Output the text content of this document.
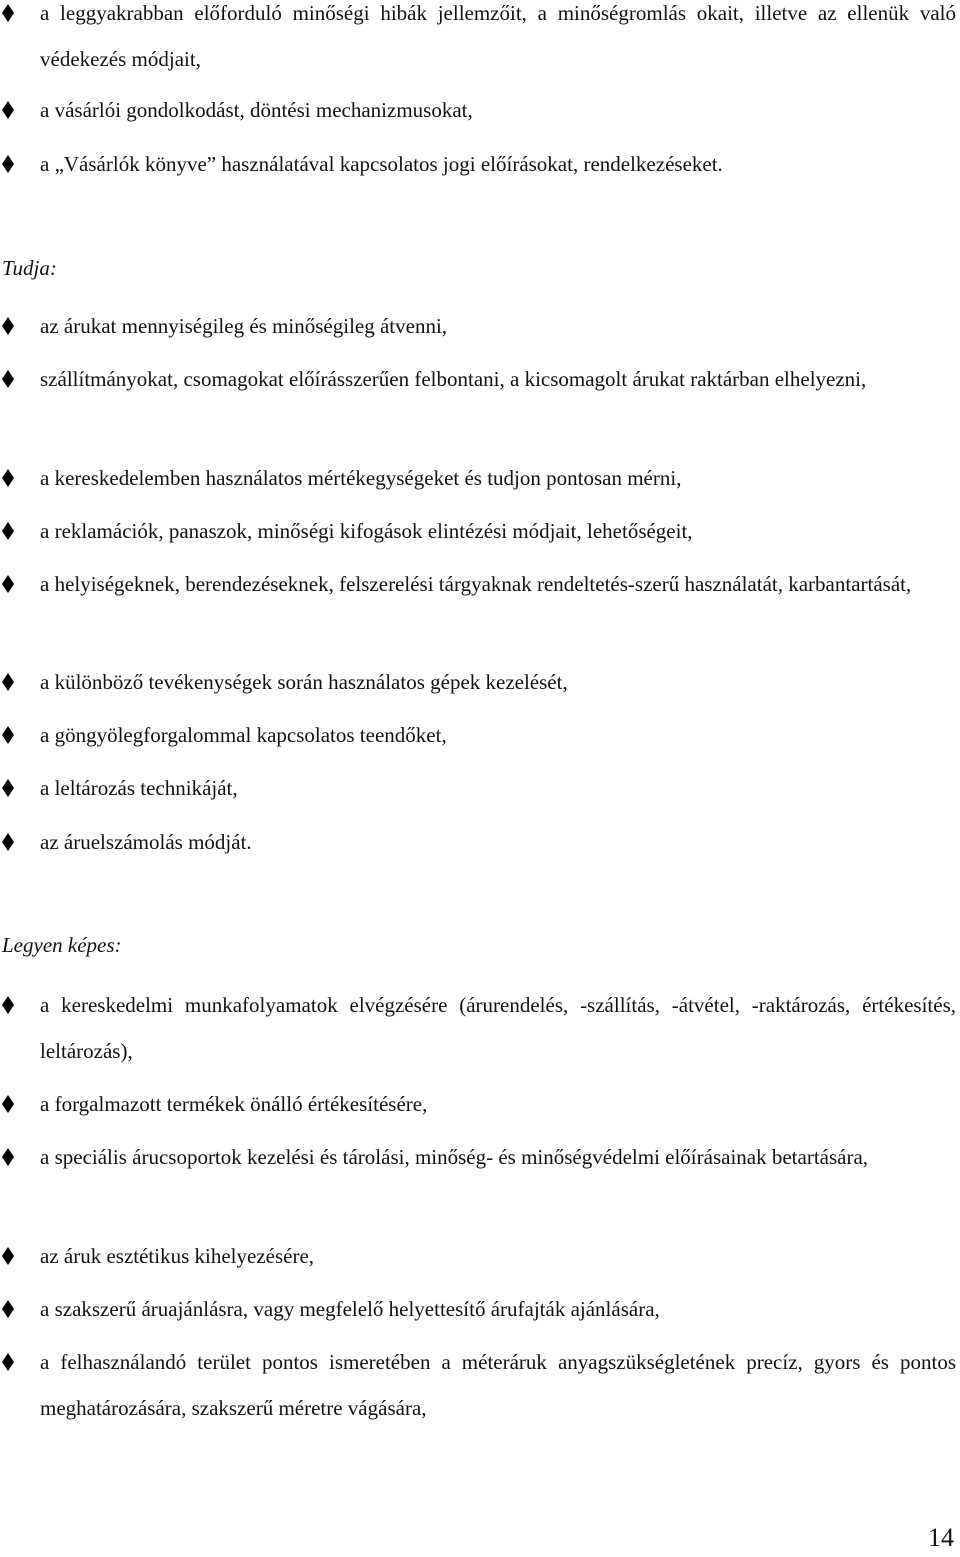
a leggyakrabban előforduló minőségi hibák jellemzőit, a minőségromlás okait, illetve az ellenük való védekezés módjait,
a vásárlói gondolkodást, döntési mechanizmusokat,
a „Vásárlók könyve” használatával kapcsolatos jogi előírásokat, rendelkezéseket.
Tudja:
az árukat mennyiségileg és minőségileg átvenni,
szállítmányokat, csomagokat előírásszerűen felbontani, a kicsomagolt árukat raktárban elhelyezni,
a kereskedelemben használatos mértékegységeket és tudjon pontosan mérni,
a reklamációk, panaszok, minőségi kifogások elintézési módjait, lehetőségeit,
a helyiségeknek, berendezéseknek, felszerelési tárgyaknak rendeltetés-szerű használatát, karbantartását,
a különböző tevékenységek során használatos gépek kezelését,
a göngyölegforgalommal kapcsolatos teendőket,
a leltározás technikáját,
az áruelszámolás módját.
Legyen képes:
a kereskedelmi munkafolyamatok elvégzésére (árurendelés, -szállítás, -átvétel, -raktározás, értékesítés, leltározás),
a forgalmazott termékek önálló értékesítésére,
a speciális árucsoportok kezelési és tárolási, minőség- és minőségvédelmi előírásainak betartására,
az áruk esztétikus kihelyezésére,
a szakszerű áruajánlásra, vagy megfelelő helyettesítő árufajták ajánlására,
a felhasználandó terület pontos ismeretében a méteráruk anyagszükségletének precíz, gyors és pontos meghatározására, szakszerű méretre vágására,
14
